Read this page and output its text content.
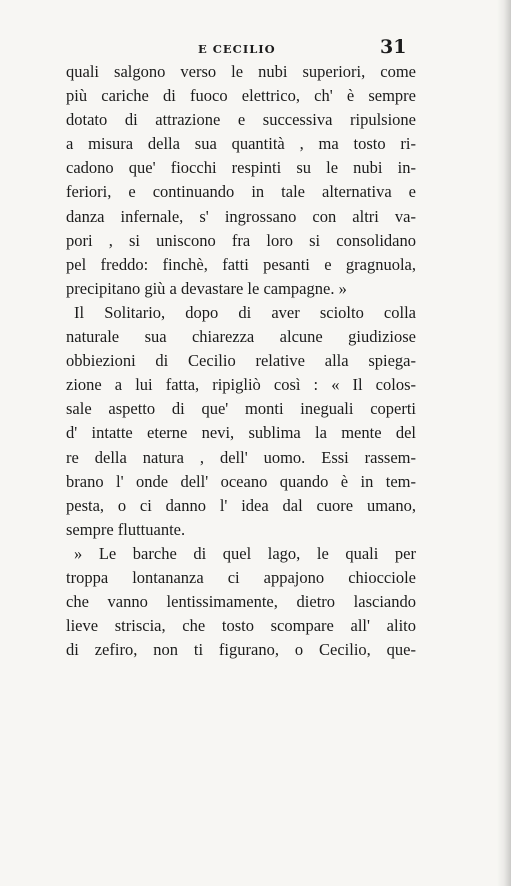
E CECILIO	31
quali salgono verso le nubi superiori, come
più cariche di fuoco elettrico, ch' è sempre
dotato di attrazione e successiva ripulsione
a misura della sua quantità , ma tosto ri-
cadono que' fiocchi respinti su le nubi in-
feriori, e continuando in tale alternativa e
danza infernale, s' ingrossano con altri va-
pori , si uniscono fra loro si consolidano
pel freddo: finchè, fatti pesanti e gragnuola,
precipitano giù a devastare le campagne. »
Il Solitario, dopo di aver sciolto colla
naturale sua chiarezza alcune giudiziose
obbiezioni di Cecilio relative alla spiega-
zione a lui fatta, ripigliò così : « Il colos-
sale aspetto di que' monti ineguali coperti
d' intatte eterne nevi, sublima la mente del
re della natura , dell' uomo. Essi rassem-
brano l' onde dell' oceano quando è in tem-
pesta, o ci danno l' idea dal cuore umano,
sempre fluttuante.
» Le barche di quel lago, le quali per
troppa lontananza ci appajono chiocciole
che vanno lentissimamente, dietro lasciando
lieve striscia, che tosto scompare all' alito
di zefiro, non ti figurano, o Cecilio, que-
